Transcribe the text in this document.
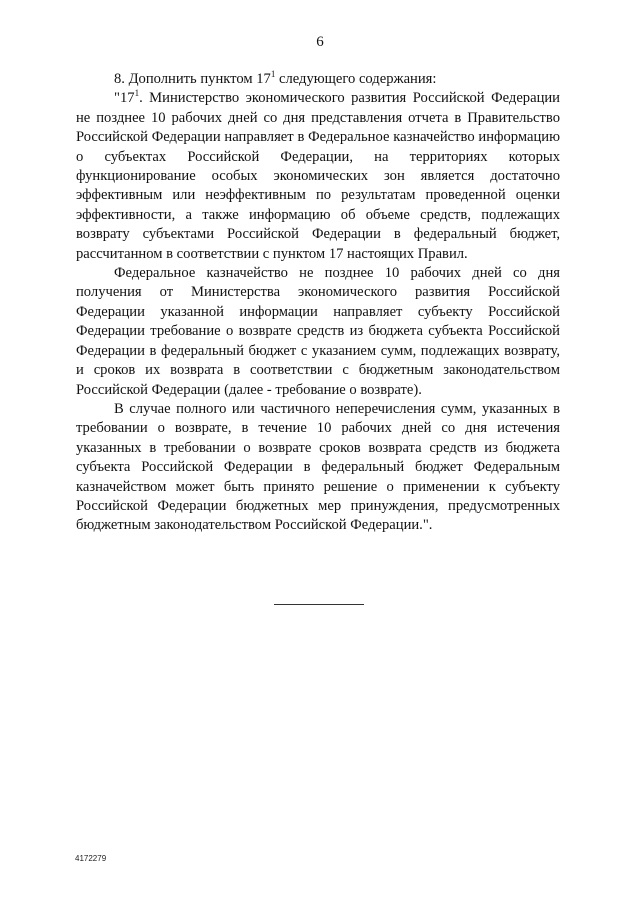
6

8. Дополнить пунктом $17^1$ следующего содержания:

"$17^1$. Министерство экономического развития Российской Федерации не позднее 10 рабочих дней со дня представления отчета в Правительство Российской Федерации направляет в Федеральное казначейство информацию о субъектах Российской Федерации, на территориях которых функционирование особых экономических зон является достаточно эффективным или неэффективным по результатам проведенной оценки эффективности, а также информацию об объеме средств, подлежащих возврату субъектами Российской Федерации в федеральный бюджет, рассчитанном в соответствии с пунктом 17 настоящих Правил.

Федеральное казначейство не позднее 10 рабочих дней со дня получения от Министерства экономического развития Российской Федерации указанной информации направляет субъекту Российской Федерации требование о возврате средств из бюджета субъекта Российской Федерации в федеральный бюджет с указанием сумм, подлежащих возврату, и сроков их возврата в соответствии с бюджетным законодательством Российской Федерации (далее - требование о возврате).

В случае полного или частичного неперечисления сумм, указанных в требовании о возврате, в течение 10 рабочих дней со дня истечения указанных в требовании о возврате сроков возврата средств из бюджета субъекта Российской Федерации в федеральный бюджет Федеральным казначейством может быть принято решение о применении к субъекту Российской Федерации бюджетных мер принуждения, предусмотренных бюджетным законодательством Российской Федерации.".

4172279
